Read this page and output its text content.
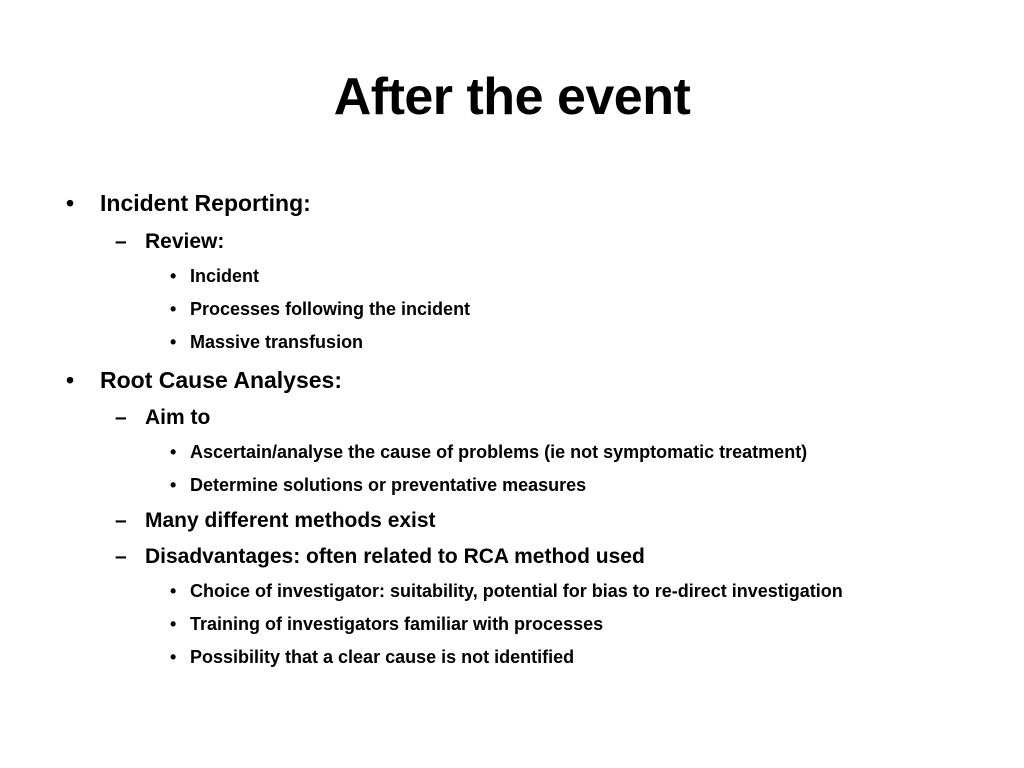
After the event
• Incident Reporting:
– Review:
• Incident
• Processes following the incident
• Massive transfusion
• Root Cause Analyses:
– Aim to
• Ascertain/analyse the cause of problems (ie not symptomatic treatment)
• Determine solutions or preventative measures
– Many different methods exist
– Disadvantages: often related to RCA method used
• Choice of investigator: suitability, potential for bias to re-direct investigation
• Training of investigators familiar with processes
• Possibility that a clear cause is not identified
